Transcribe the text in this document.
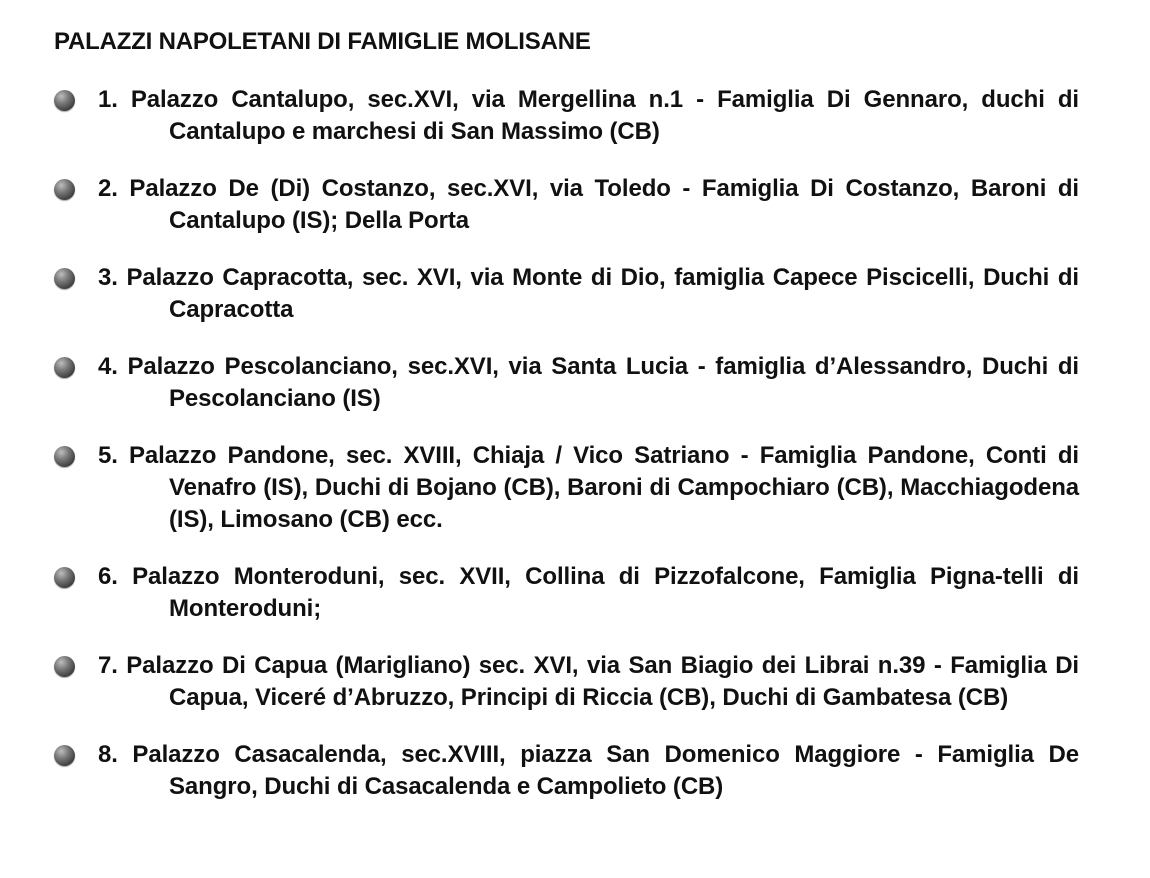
PALAZZI NAPOLETANI DI FAMIGLIE MOLISANE
1. Palazzo Cantalupo, sec.XVI, via Mergellina n.1 - Famiglia Di Gennaro, duchi di Cantalupo e marchesi di San Massimo (CB)
2. Palazzo De (Di) Costanzo, sec.XVI, via Toledo - Famiglia Di Costanzo, Baroni di Cantalupo (IS); Della Porta
3. Palazzo Capracotta, sec. XVI, via Monte di Dio, famiglia Capece Piscicelli, Duchi di Capracotta
4. Palazzo Pescolanciano, sec.XVI, via Santa Lucia - famiglia d’Alessandro, Duchi di Pescolanciano (IS)
5. Palazzo Pandone, sec. XVIII, Chiaja / Vico Satriano - Famiglia Pandone, Conti di Venafro (IS), Duchi di Bojano (CB), Baroni di Campochiaro (CB), Macchiagodena (IS), Limosano (CB) ecc.
6. Palazzo Monteroduni, sec. XVII, Collina di Pizzofalcone, Famiglia Pigna-telli di Monteroduni;
7. Palazzo Di Capua (Marigliano) sec. XVI, via San Biagio dei Librai n.39 - Famiglia Di Capua, Viceré d’Abruzzo, Principi di Riccia (CB), Duchi di Gambatesa (CB)
8. Palazzo Casacalenda, sec.XVIII, piazza San Domenico Maggiore - Famiglia De Sangro, Duchi di Casacalenda e Campolieto (CB)
